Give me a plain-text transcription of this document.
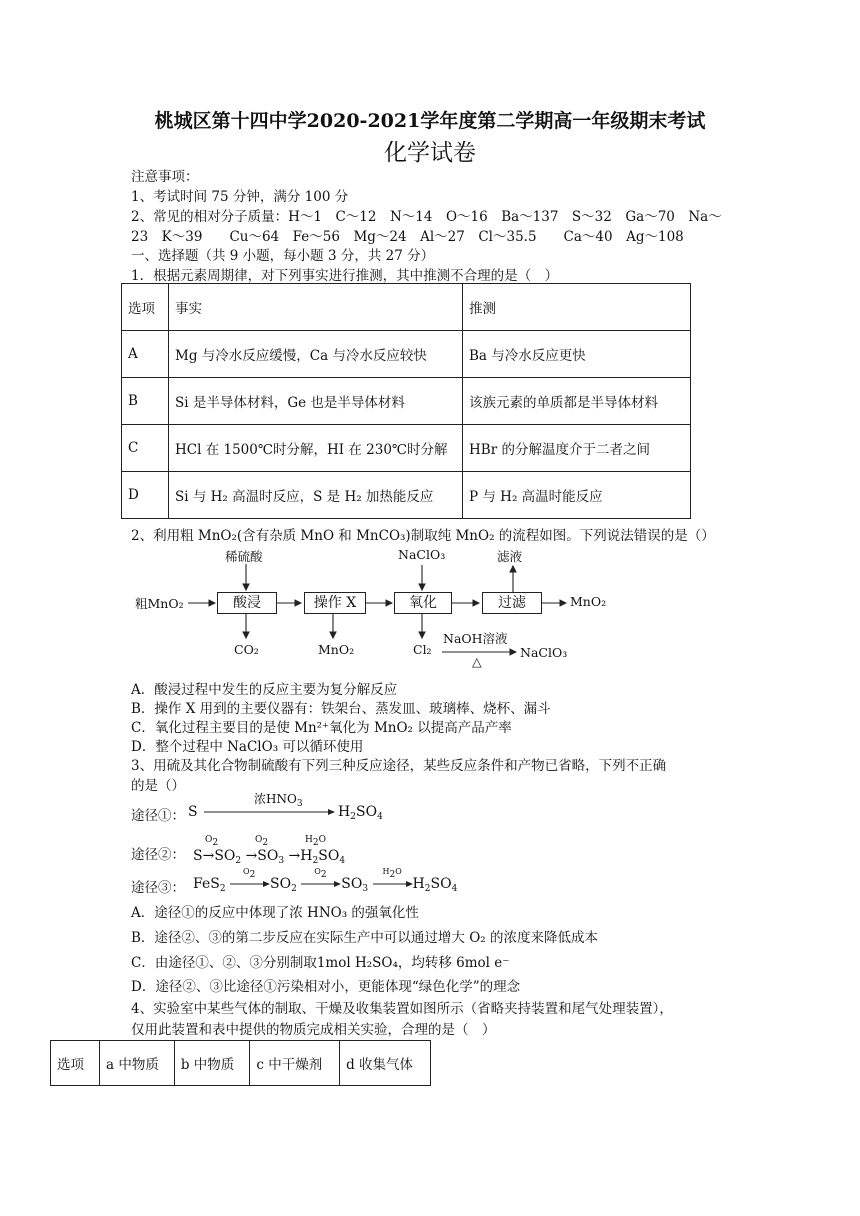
桃城区第十四中学2020-2021学年度第二学期高一年级期末考试
化学试卷
注意事项：
1、考试时间 75 分钟，满分 100 分
2、常见的相对分子质量：H～1　C～12　N～14　O～16　Ba～137　S～32　Ga～70　Na～
23　K～39　　Cu～64　Fe～56　Mg～24　Al～27　Cl～35.5　　Ca～40　Ag～108
一、选择题（共 9 小题，每小题 3 分，共 27 分）
1．根据元素周期律，对下列事实进行推测，其中推测不合理的是（　）
选项	事实	推测
A	Mg 与冷水反应缓慢，Ca 与冷水反应较快	Ba 与冷水反应更快
B	Si 是半导体材料，Ge 也是半导体材料	该族元素的单质都是半导体材料
C	HCl 在 1500℃时分解，HI 在 230℃时分解	HBr 的分解温度介于二者之间
D	Si 与 H₂ 高温时反应，S 是 H₂ 加热能反应	P 与 H₂ 高温时能反应
2、利用粗 MnO₂(含有杂质 MnO 和 MnCO₃)制取纯 MnO₂ 的流程如图。下列说法错误的是（）
粗MnO₂	酸浸	操作 X	氧化	过滤	MnO₂
稀硫酸	NaClO₃	滤液
CO₂	MnO₂	Cl₂
NaOH溶液
△
NaClO₃
A．酸浸过程中发生的反应主要为复分解反应
B．操作 X 用到的主要仪器有：铁架台、蒸发皿、玻璃棒、烧杯、漏斗
C．氧化过程主要目的是使 Mn²⁺氧化为 MnO₂ 以提高产品产率
D．整个过程中 NaClO₃ 可以循环使用
3、用硫及其化合物制硫酸有下列三种反应途径，某些反应条件和产物已省略，下列不正确
的是（）
途径①： S
浓$HNO_3$	$H_2SO_4$
途径②：
O2	O2	H2O
$S\to SO_2 \to SO_3 \to H_2SO_4$
途径③： FeS$_2$
O2
$SO_2$
O2
$SO_3$
H2O
$H_2SO_4$
A．途径①的反应中体现了浓 HNO₃ 的强氧化性
B．途径②、③的第二步反应在实际生产中可以通过增大 O₂ 的浓度来降低成本
C．由途径①、②、③分别制取1mol H₂SO₄，均转移 6mol e⁻
D．途径②、③比途径①污染相对小，更能体现“绿色化学”的理念
4、实验室中某些气体的制取、干燥及收集装置如图所示（省略夹持装置和尾气处理装置），
仅用此装置和表中提供的物质完成相关实验，合理的是（　）
选项	a 中物质	b 中物质	c 中干燥剂	d 收集气体
